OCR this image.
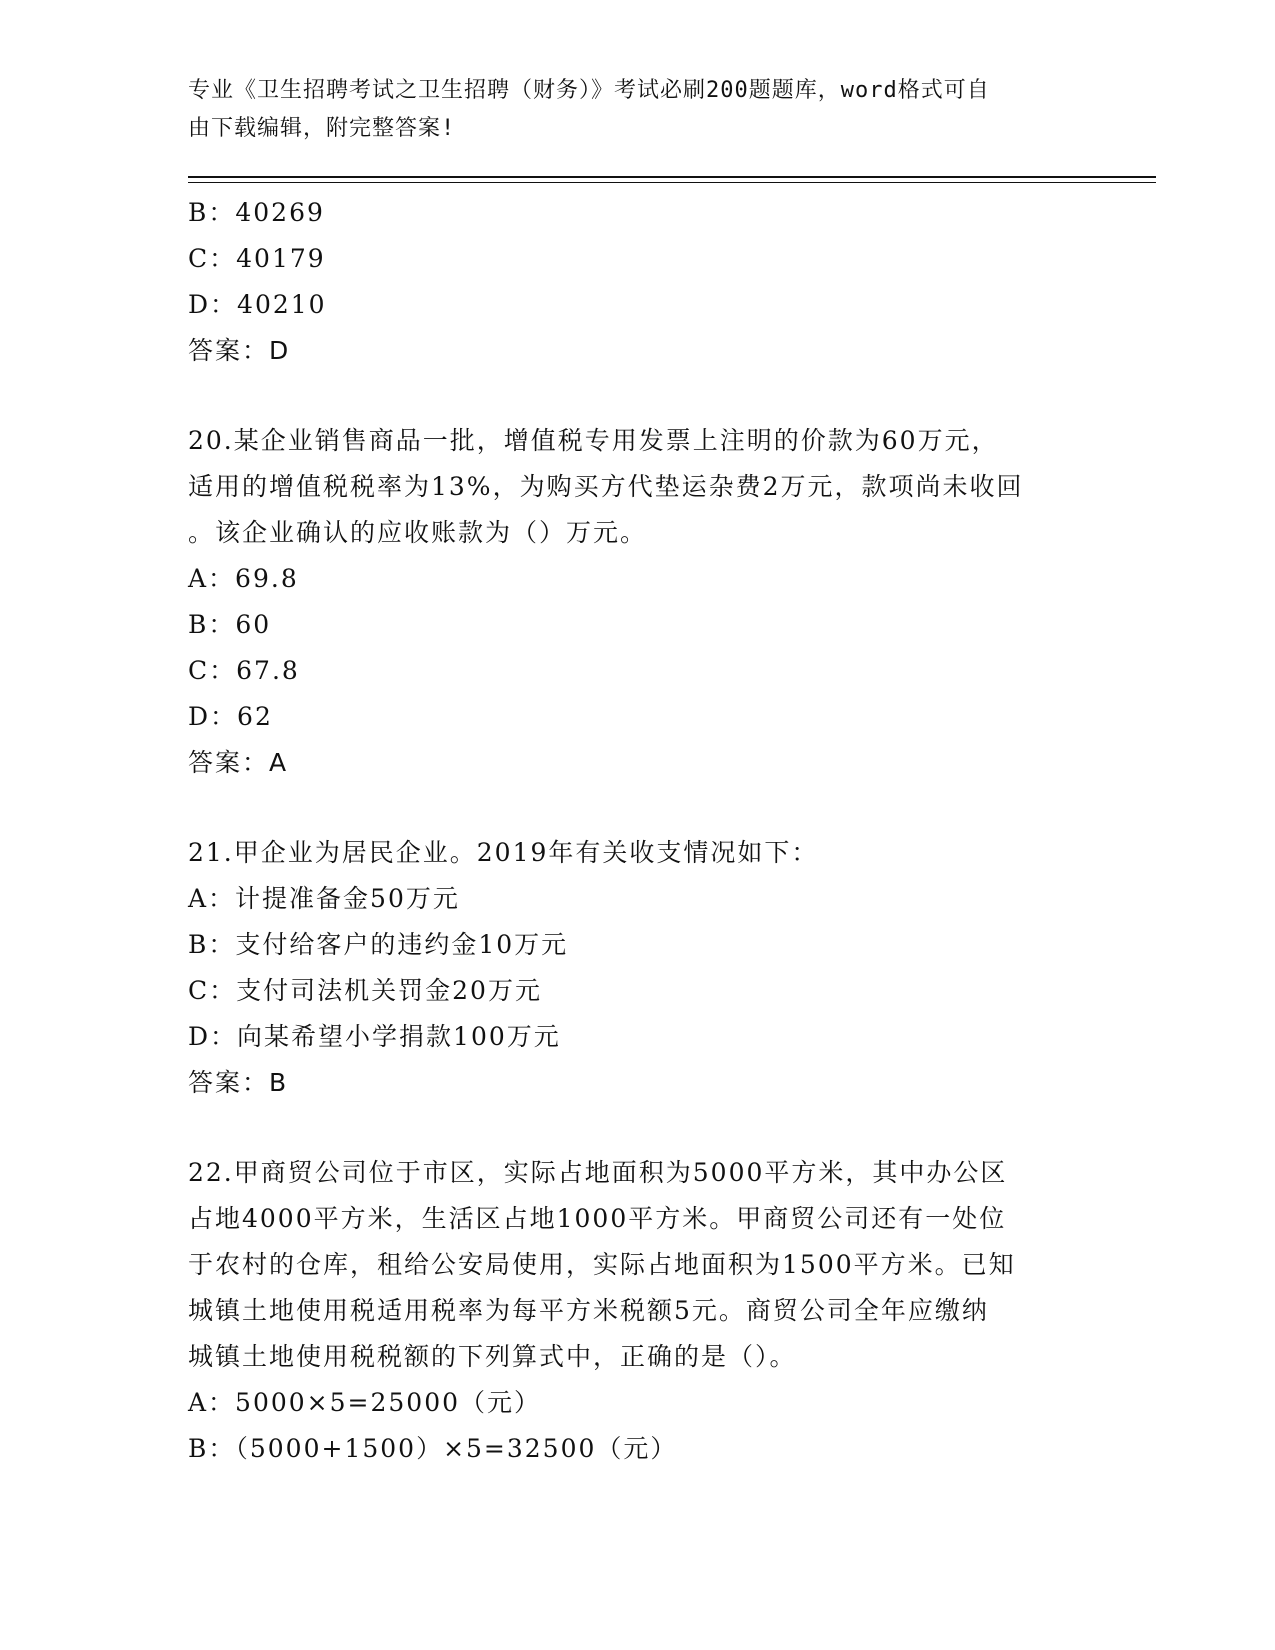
专业《卫生招聘考试之卫生招聘（财务）》考试必刷200题题库，word格式可自
由下载编辑，附完整答案!
B：40269
C：40179
D：40210
答案：D
20.某企业销售商品一批，增值税专用发票上注明的价款为60万元，
适用的增值税税率为13%，为购买方代垫运杂费2万元，款项尚未收回
。该企业确认的应收账款为（）万元。
A：69.8
B：60
C：67.8
D：62
答案：A
21.甲企业为居民企业。2019年有关收支情况如下：
A：计提准备金50万元
B：支付给客户的违约金10万元
C：支付司法机关罚金20万元
D：向某希望小学捐款100万元
答案：B
22.甲商贸公司位于市区，实际占地面积为5000平方米，其中办公区
占地4000平方米，生活区占地1000平方米。甲商贸公司还有一处位
于农村的仓库，租给公安局使用，实际占地面积为1500平方米。已知
城镇土地使用税适用税率为每平方米税额5元。商贸公司全年应缴纳
城镇土地使用税税额的下列算式中，正确的是（）。
A：5000×5=25000（元）
B：（5000+1500）×5=32500（元）
